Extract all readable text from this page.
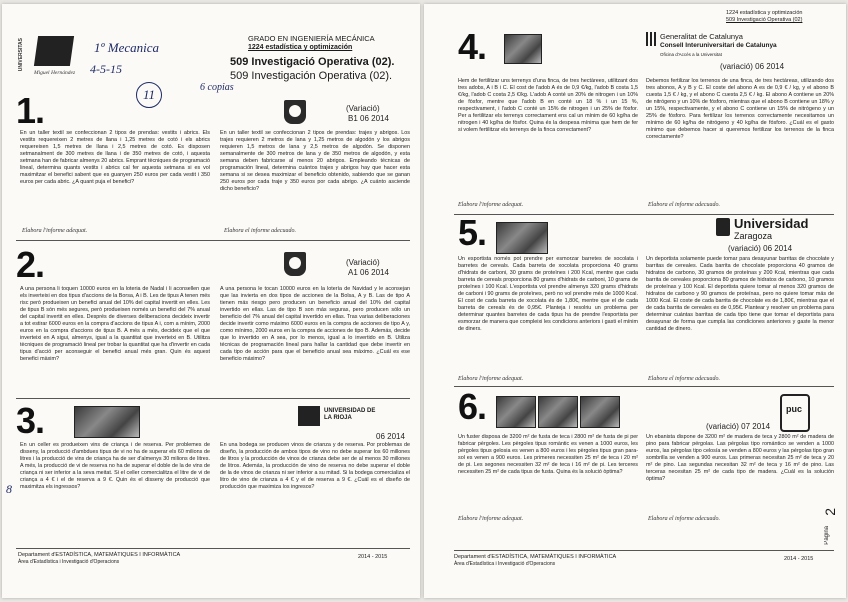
UNIVERSITAS
Miguel Hernández
1º Mecanica
4-5-15
11	6 copias
8
GRADO EN INGENIERÍA MECÁNICA
1224 estadística y optimización
509 Investigació Operativa (02).
509 Investigación Operativa (02).
1.	(Variació)
B1 06 2014
En un taller textil se confeccionan 2 tipos de prendas: vestits i abrics. Els vestits requereixen 2 metres de llana i 1,25 metres de cotó i els abrics requereixen 1,5 metres de llana i 2,5 metres de cotó. Es disposen setmanalment de 300 metres de llana i de 350 metres de cotó, i aquesta setmana han de fabricar almenys 20 abrics. Emprant tècniques de programació lineal, determina quants vestits i abrics cal fer aquesta setmana si es vol maximitzar el benefici sabent que es guanyen 250 euros per cada vestit i 350 euros per cada abric. ¿A quant puja el benefici?
En un taller textil se confeccionan 2 tipos de prendas: trajes y abrigos. Los trajes requieren 2 metros de lana y 1,25 metros de algodón y los abrigos requieren 1,5 metros de lana y 2,5 metros de algodón. Se disponen semanalmente de 300 metros de lana y de 350 metros de algodón, y esta semana deben fabricarse al menos 20 abrigos. Empleando técnicas de programación lineal, determina cuántos trajes y abrigos hay que hacer esta semana si se desea maximizar el beneficio obtenido, sabiendo que se ganan 250 euros por cada traje y 350 euros por cada abrigo. ¿A cuánto asciende dicho beneficio?
Elabora l'informe adequat.	Elabora el informe adecuado.
2.	(Variació)
A1 06 2014
A una persona li toquen 10000 euros en la loteria de Nadal i li aconsellen que els inverteixi en dos tipus d'accions de la Borsa, A i B. Les de tipus A tenen més risc però produeixen un benefici anual del 10% del capital invertit en elles. Les de tipus B són més segures, però produeixen només un benefici del 7% anual del capital invertit en elles. Després de diverses deliberacions decideix invertir a tot estirar 6000 euros en la compra d'accions de tipus A i, com a mínim, 2000 euros en la compra d'accions de tipus B. A més a més, decideix que el que inverteixi en A sigui, almenys, igual a la quantitat que inverteixi en B. Utilitza tècniques de programació lineal per trobar la quantitat que ha d'invertir en cada tipus d'acció per aconseguir el benefici anual més gran. Quin és aquest benefici màxim?
A una persona le tocan 10000 euros en la lotería de Navidad y le aconsejan que las invierta en dos tipos de acciones de la Bolsa, A y B. Las de tipo A tienen más riesgo pero producen un beneficio anual del 10% del capital invertido en ellas. Las de tipo B son más seguras, pero producen sólo un beneficio del 7% anual del capital invertido en ellas. Tras varias deliberaciones decide invertir como máximo 6000 euros en la compra de acciones de tipo A y, como mínimo, 2000 euros en la compra de acciones de tipo B. Además, decide que lo invertido en A sea, por lo menos, igual a lo invertido en B. Utiliza técnicas de programación lineal para hallar la cantidad que debe invertir en cada tipo de acción para que el beneficio anual sea máximo. ¿Cuál es ese beneficio máximo?
3.	UNIVERSIDAD DE LA RIOJA
06 2014
En un celler es produeixen vins de criança i de reserva. Per problemes de disseny, la producció d'ambdues tipus de vi no ha de superar els 60 milions de litres i la producció de vins de criança ha de ser d'almenys 30 milions de litres. A més, la producció de vi de reserva no ha de superar el doble de la de vins de criança ni ser inferior a la seva meitat. Si el celler comercialitza el litre de vi de criança a 4 € i el de reserva a 9 €. Quin és el disseny de producció que maximitza els ingressos?
En una bodega se producen vinos de crianza y de reserva. Por problemas de diseño, la producción de ambos tipos de vino no debe superar los 60 millones de litros y la producción de vinos de crianza debe ser de al menos 30 millones de litros. Además, la producción de vino de reserva no debe superar el doble de la de vinos de crianza ni ser inferior a su mitad. Si la bodega comercializa el litro de vino de crianza a 4 € y el de reserva a 9 €. ¿Cuál es el diseño de producción que maximiza los ingresos?
Departament d'ESTADÍSTICA, MATEMÀTIQUES I INFORMÀTICA
Àrea d'Estadística i Investigació d'Operacions
2014 - 2015
1224 estadística y optimización
509 Investigació Operativa (02)
4.	Generalitat de Catalunya
Consell Interuniversitari de Catalunya
Oficina d'Accés a la Universitat
(variació) 06 2014
Hem de fertilitzar uns terrenys d'una finca, de tres hectàrees, utilitzant dos tres adobs, A i B i C. El cost de l'adob A és de 0,9 €/kg, l'adob B costa 1,5 €/kg, l'adob C costa 2,5 €/kg. L'adob A conté un 20% de nitrogen i un 10% de fòsfor, mentre que l'adob B en conté un 18 % i un 15 %, respectivament, i l'adob C conté un 15% de nitrogen i un 25% de fòsfor. Per a fertilitzar els terrenys correctament ens cal un mínim de 60 kg/ha de nitrogen i 40 kg/ha de fòsfor. Quina és la despesa mínima que hem de fer si volem fertilitzar els terrenys de la finca correctament?
Debemos fertilizar los terrenos de una finca, de tres hectáreas, utilizando dos tres abonos, A y B y C. El coste del abono A es de 0,9 € / kg, y el abono B cuesta 1,5 € / kg, y el abono C cuesta 2,5 € / kg. El abono A contiene un 20% de nitrógeno y un 10% de fósforo, mientras que el abono B contiene un 18% y un 15%, respectivamente, y el abono C contiene un 15% de nitrógeno y un 25% de fósforo. Para fertilizar los terrenos correctamente necesitamos un mínimo de 60 kg/ha de nitrógeno y 40 kg/ha de fósforo. ¿Cuál es el gasto mínimo que debemos hacer si queremos fertilizar los terrenos de la finca correctamente?
Elabora l'informe adequat.	Elabora el informe adecuado.
5.	Universidad
Zaragoza
(variació) 06 2014
Un esportista només pot prendre per esmorzar barretes de xocolata i barretes de cereals. Cada barreta de xocolata proporciona 40 grams d'hidrats de carboni, 30 grams de proteïnes i 200 Kcal, mentre que cada barreta de cereals proporciona 80 grams d'hidrats de carboni, 10 grams de proteïnes i 100 Kcal. L'esportista vol prendre almenys 320 grams d'hidrats de carboni i 90 grams de proteïnes, però no vol prendre més de 1000 Kcal. El cost de cada barreta de xocolata és de 1,80€, mentre que el de cada barreta de cereals és de 0,95€. Planteja i resolriu un problema per determinar quantes barretes de cada tipus ha de prendre l'esportista per esmorzar de manera que compleixi les condicions anteriors i gasti el mínim de diners.
Un deportista solamente puede tomar para desayunar barritas de chocolate y barritas de cereales. Cada barrita de chocolate proporciona 40 gramos de hidratos de carbono, 30 gramos de proteínas y 200 Kcal, mientras que cada barrita de cereales proporciona 80 gramos de hidratos de carbono, 10 gramos de proteínas y 100 Kcal. El deportista quiere tomar al menos 320 gramos de hidratos de carbono y 90 gramos de proteínas, pero no quiere tomar más de 1000 Kcal. El coste de cada barrita de chocolate es de 1,80€, mientras que el de cada barrita de cereales es de 0,95€. Plantear y resolver un problema para determinar cuántas barritas de cada tipo tiene que tomar el deportista para desayunar de forma que cumpla las condiciones anteriores y gaste la menor cantidad de dinero.
Elabora l'informe adequat.	Elabora el informe adecuado.
6.	puc
(variació) 07 2014
Un fuster disposa de 3200 m² de fusta de teca i 2800 m² de fusta de pi per fabricar pèrgoles. Les pèrgoles tipus romàntic es venen a 1000 euros, les pèrgoles tipus gelosia es venen a 800 euros i les pèrgoles tipus gran para-sol es venen a 900 euros. Les primeres necessiten 25 m² de teca i 20 m² de pi. Les segones necessiten 32 m² de teca i 16 m² de pi. Les terceres necessiten 25 m² de cada tipus de fusta. Quina és la solució òptima?
Un ebanista dispone de 3200 m² de madera de teca y 2800 m² de madera de pino para fabricar pérgolas. Las pérgolas tipo romántico se venden a 1000 euros, las pérgolas tipo celosía se venden a 800 euros y las pérgolas tipo gran sombrilla se venden a 900 euros. Las primeras necesitan 25 m² de teca y 20 m² de pino. Las segundas necesitan 32 m² de teca y 16 m² de pino. Las terceras necesitan 25 m² de cada tipo de madera. ¿Cuál es la solución óptima?
Elabora l'informe adequat.	Elabora el informe adecuado.
Departament d'ESTADÍSTICA, MATEMÀTIQUES I INFORMÀTICA
Àrea d'Estadística i Investigació d'Operacions
2014 - 2015
Página
2
